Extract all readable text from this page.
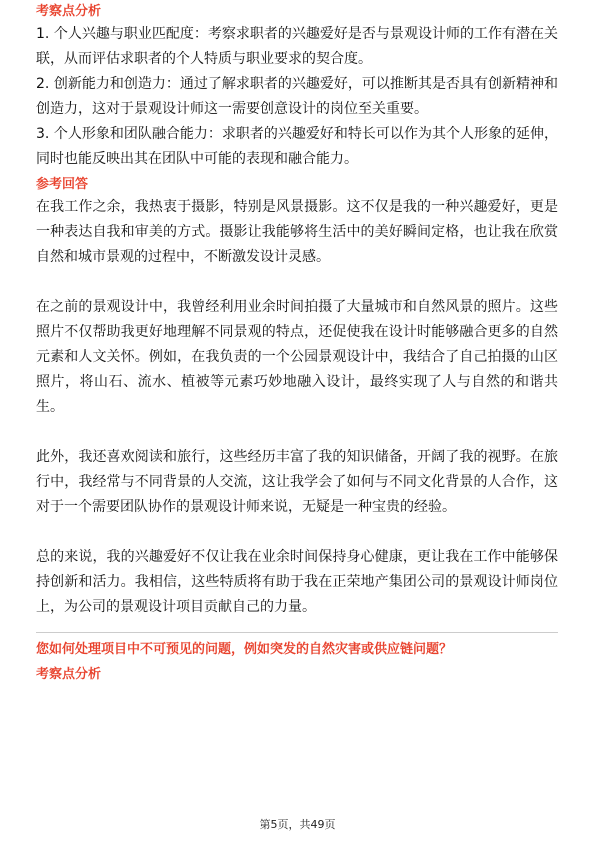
考察点分析

1. 个人兴趣与职业匹配度：考察求职者的兴趣爱好是否与景观设计师的工作有潜在关联，从而评估求职者的个人特质与职业要求的契合度。

2. 创新能力和创造力：通过了解求职者的兴趣爱好，可以推断其是否具有创新精神和创造力，这对于景观设计师这一需要创意设计的岗位至关重要。

3. 个人形象和团队融合能力：求职者的兴趣爱好和特长可以作为其个人形象的延伸，同时也能反映出其在团队中可能的表现和融合能力。

参考回答

在我工作之余，我热衷于摄影，特别是风景摄影。这不仅是我的一种兴趣爱好，更是一种表达自我和审美的方式。摄影让我能够将生活中的美好瞬间定格，也让我在欣赏自然和城市景观的过程中，不断激发设计灵感。

在之前的景观设计中，我曾经利用业余时间拍摄了大量城市和自然风景的照片。这些照片不仅帮助我更好地理解不同景观的特点，还促使我在设计时能够融合更多的自然元素和人文关怀。例如，在我负责的一个公园景观设计中，我结合了自己拍摄的山区照片，将山石、流水、植被等元素巧妙地融入设计，最终实现了人与自然的和谐共生。

此外，我还喜欢阅读和旅行，这些经历丰富了我的知识储备，开阔了我的视野。在旅行中，我经常与不同背景的人交流，这让我学会了如何与不同文化背景的人合作，这对于一个需要团队协作的景观设计师来说，无疑是一种宝贵的经验。

总的来说，我的兴趣爱好不仅让我在业余时间保持身心健康，更让我在工作中能够保持创新和活力。我相信，这些特质将有助于我在正荣地产集团公司的景观设计师岗位上，为公司的景观设计项目贡献自己的力量。

您如何处理项目中不可预见的问题，例如突发的自然灾害或供应链问题？

考察点分析
第5页，共49页
